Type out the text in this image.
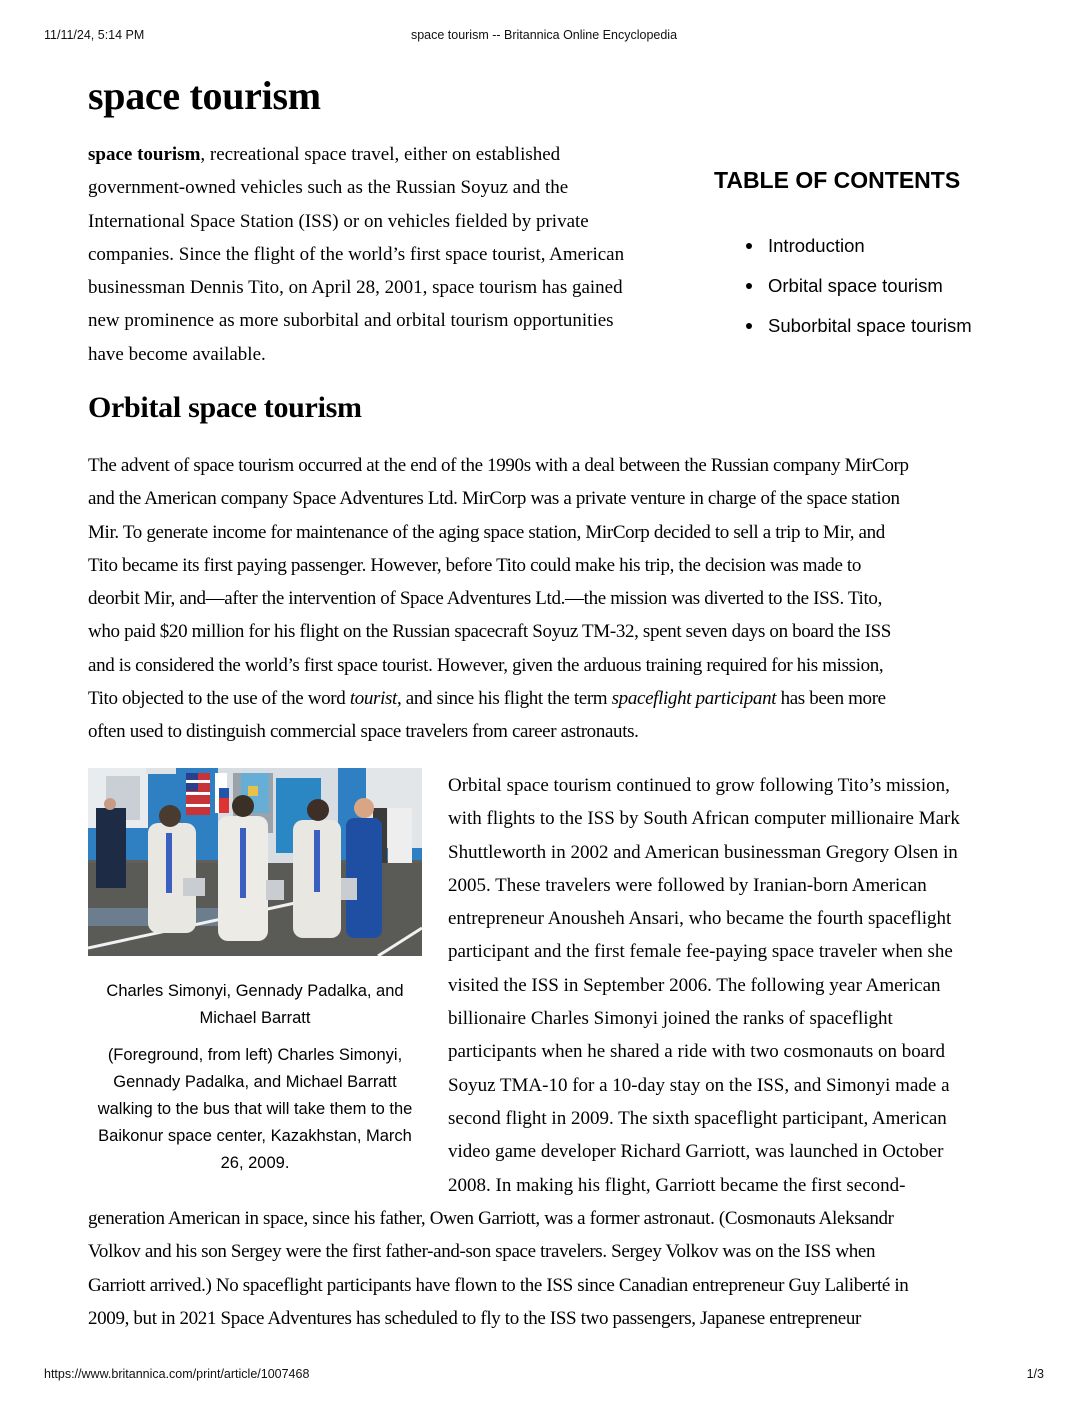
11/11/24, 5:14 PM	space tourism -- Britannica Online Encyclopedia
space tourism

space tourism, recreational space travel, either on established
government-owned vehicles such as the Russian Soyuz and the
International Space Station (ISS) or on vehicles fielded by private
companies. Since the flight of the world’s first space tourist, American
businessman Dennis Tito, on April 28, 2001, space tourism has gained
new prominence as more suborbital and orbital tourism opportunities
have become available.

TABLE OF CONTENTS
Introduction
Orbital space tourism
Suborbital space tourism
Orbital space tourism

The advent of space tourism occurred at the end of the 1990s with a deal between the Russian company MirCorp
and the American company Space Adventures Ltd. MirCorp was a private venture in charge of the space station
Mir. To generate income for maintenance of the aging space station, MirCorp decided to sell a trip to Mir, and
Tito became its first paying passenger. However, before Tito could make his trip, the decision was made to
deorbit Mir, and—after the intervention of Space Adventures Ltd.—the mission was diverted to the ISS. Tito,
who paid $20 million for his flight on the Russian spacecraft Soyuz TM-32, spent seven days on board the ISS
and is considered the world’s first space tourist. However, given the arduous training required for his mission,
Tito objected to the use of the word tourist, and since his flight the term spaceflight participant has been more
often used to distinguish commercial space travelers from career astronauts.

Charles Simonyi, Gennady Padalka, and Michael Barratt

(Foreground, from left) Charles Simonyi, Gennady Padalka, and Michael Barratt walking to the bus that will take them to the Baikonur space center, Kazakhstan, March 26, 2009.

Orbital space tourism continued to grow following Tito’s mission,
with flights to the ISS by South African computer millionaire Mark
Shuttleworth in 2002 and American businessman Gregory Olsen in
2005. These travelers were followed by Iranian-born American
entrepreneur Anousheh Ansari, who became the fourth spaceflight
participant and the first female fee-paying space traveler when she
visited the ISS in September 2006. The following year American
billionaire Charles Simonyi joined the ranks of spaceflight
participants when he shared a ride with two cosmonauts on board
Soyuz TMA-10 for a 10-day stay on the ISS, and Simonyi made a
second flight in 2009. The sixth spaceflight participant, American
video game developer Richard Garriott, was launched in October
2008. In making his flight, Garriott became the first second-

generation American in space, since his father, Owen Garriott, was a former astronaut. (Cosmonauts Aleksandr
Volkov and his son Sergey were the first father-and-son space travelers. Sergey Volkov was on the ISS when
Garriott arrived.) No spaceflight participants have flown to the ISS since Canadian entrepreneur Guy Laliberté in
2009, but in 2021 Space Adventures has scheduled to fly to the ISS two passengers, Japanese entrepreneur

https://www.britannica.com/print/article/1007468	1/3
